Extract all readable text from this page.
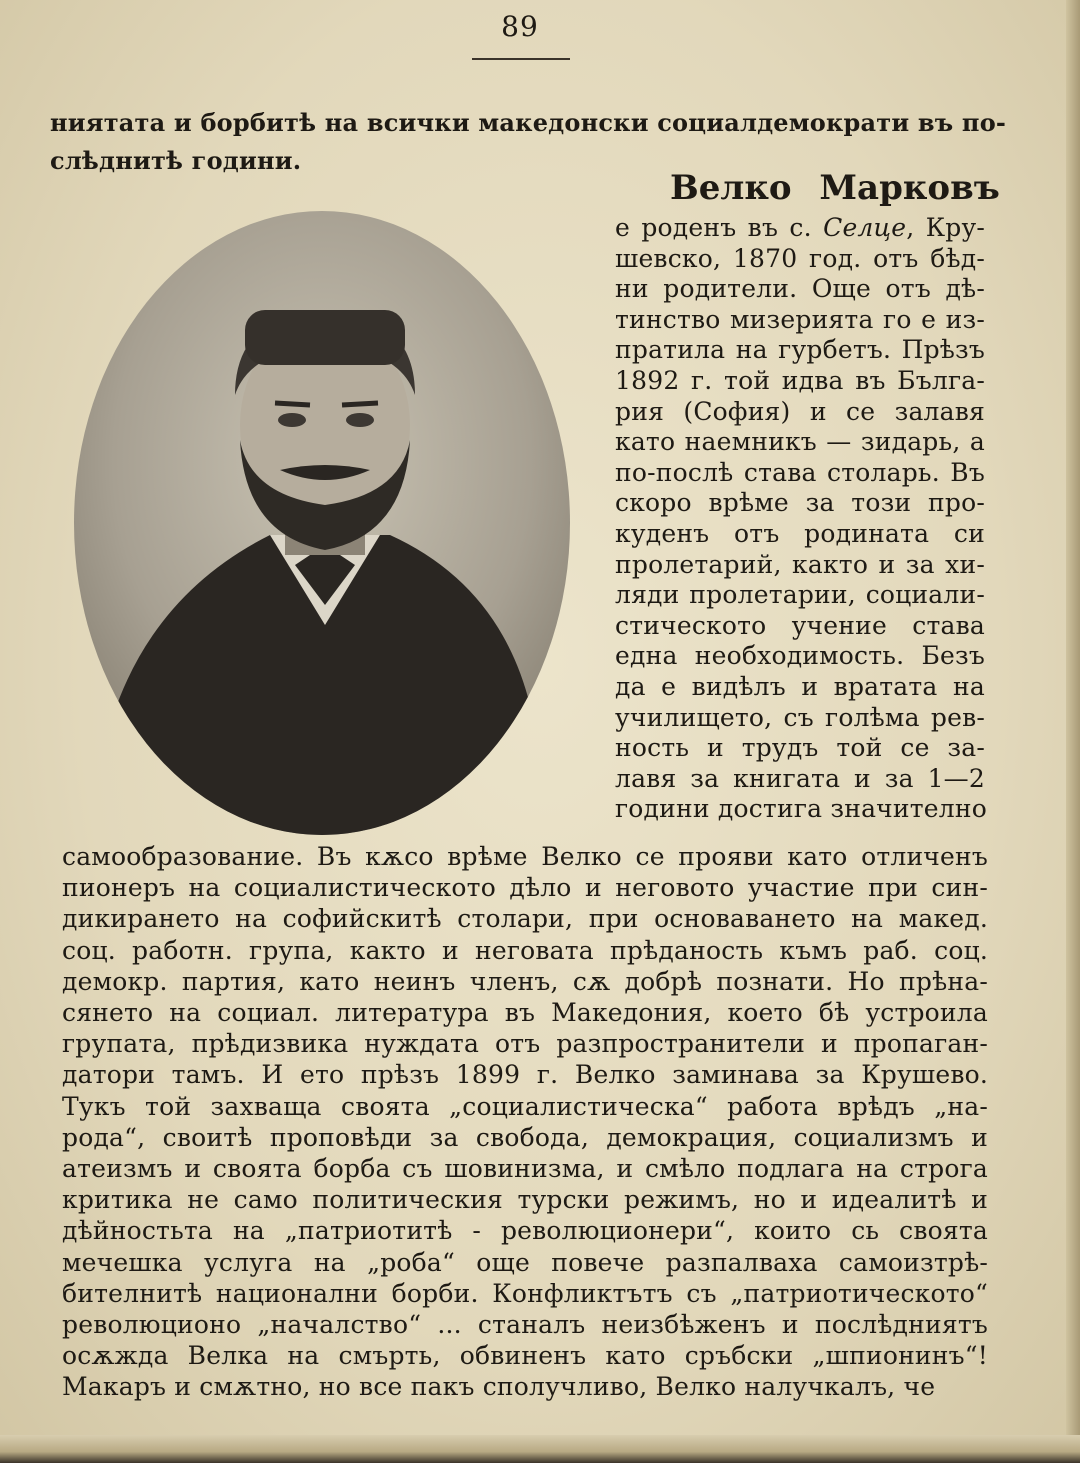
89
ниятата и борбитѣ на всички македонски социалдемократи въ по-
слѣднитѣ години.
Велко Марковъ
е роденъ въ с. Селце, Кру-
шевско, 1870 год. отъ бѣд-
ни родители. Още отъ дѣ-
тинство мизерията го е из-
пратила на гурбетъ. Прѣзъ
1892 г. той идва въ Бълга-
рия (София) и се залавя
като наемникъ — зидарь, а
по-послѣ става столарь. Въ
скоро врѣме за този про-
куденъ отъ родината си
пролетарий, както и за хи-
ляди пролетарии, социали-
стическото учение става
една необходимость. Безъ
да е видѣлъ и вратата на
училището, съ голѣма рев-
ность и трудъ той се за-
лавя за книгата и за 1—2
години достига значително
самообразование. Въ кѫсо врѣме Велко се прояви като отличенъ
пионеръ на социалистическото дѣло и неговото участие при син-
дикирането на софийскитѣ столари, при основаването на макед.
соц. работн. група, както и неговата прѣданость къмъ раб. соц.
демокр. партия, като неинъ членъ, сѫ добрѣ познати. Но прѣна-
сянето на социал. литература въ Македония, което бѣ устроила
групата, прѣдизвика нуждата отъ разпространители и пропаган-
датори тамъ. И ето прѣзъ 1899 г. Велко заминава за Крушево.
Тукъ той захваща своята „социалистическа“ работа врѣдъ „на-
рода“, своитѣ проповѣди за свобода, демокрация, социализмъ и
атеизмъ и своята борба съ шовинизма, и смѣло подлага на строга
критика не само политическия турски режимъ, но и идеалитѣ и
дѣйностьта на „патриотитѣ - революционери“, които сь своята
мечешка услуга на „роба“ още повече разпалваха самоизтрѣ-
бителнитѣ национални борби. Конфликтътъ съ „патриотическото“
революционо „началство“ ... станалъ неизбѣженъ и послѣдниятъ
осѫжда Велка на смърть, обвиненъ като сръбски „шпионинъ“!
Макаръ и смѫтно, но все пакъ сполучливо, Велко налучкалъ, че
